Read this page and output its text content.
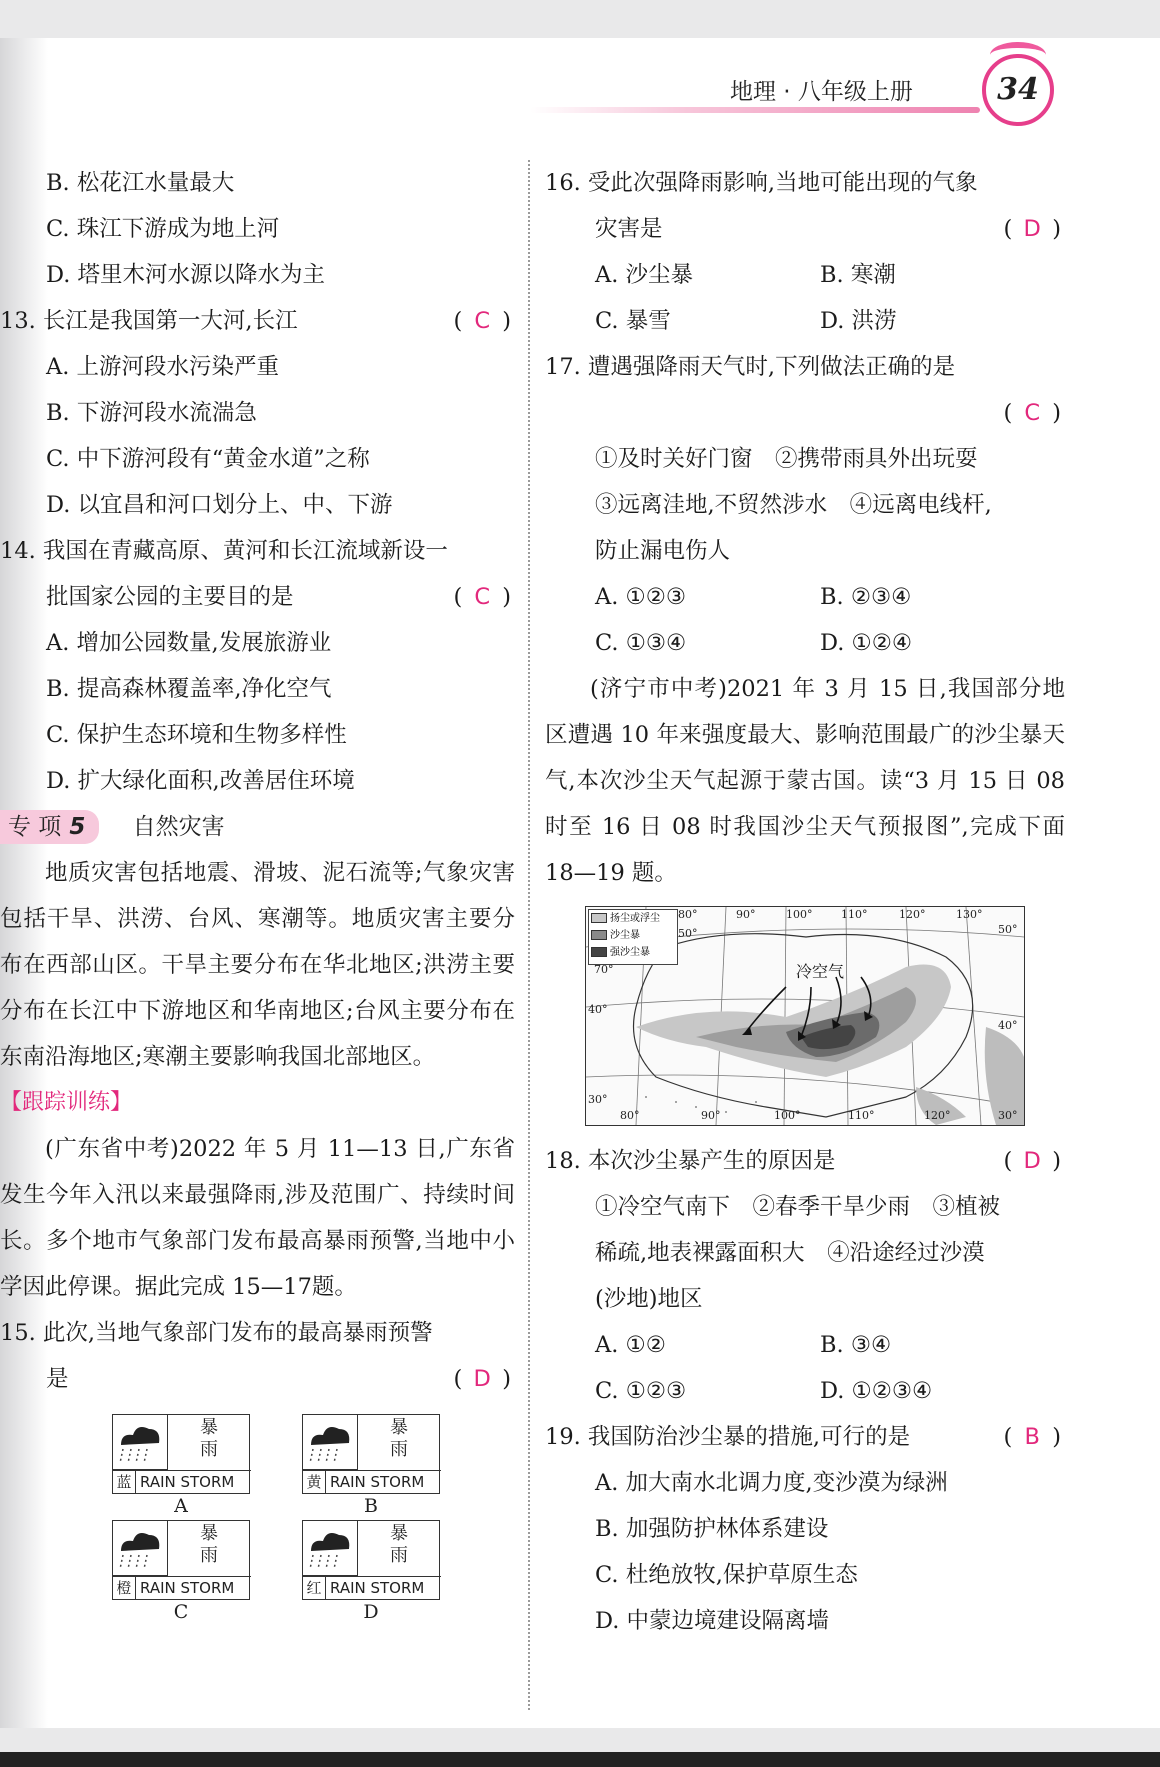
地理 · 八年级上册	34
B. 松花江水量最大
C. 珠江下游成为地上河
D. 塔里木河水源以降水为主
13. 长江是我国第一大河,长江	( C )
A. 上游河段水污染严重
B. 下游河段水流湍急
C. 中下游河段有“黄金水道”之称
D. 以宜昌和河口划分上、中、下游
14. 我国在青藏高原、黄河和长江流域新设一
批国家公园的主要目的是	( C )
A. 增加公园数量,发展旅游业
B. 提高森林覆盖率,净化空气
C. 保护生态环境和生物多样性
D. 扩大绿化面积,改善居住环境
专 项 5 自然灾害
地质灾害包括地震、滑坡、泥石流等;气象灾害包括干旱、洪涝、台风、寒潮等。地质灾害主要分布在西部山区。干旱主要分布在华北地区;洪涝主要分布在长江中下游地区和华南地区;台风主要分布在东南沿海地区;寒潮主要影响我国北部地区。
【跟踪训练】
(广东省中考)2022 年 5 月 11—13 日,广东省发生今年入汛以来最强降雨,涉及范围广、持续时间长。多个地市气象部门发布最高暴雨预警,当地中小学因此停课。据此完成 15—17题。
15. 此次,当地气象部门发布的最高暴雨预警
是	( D )
暴
雨
蓝 RAIN STORM
A
暴
雨
黄 RAIN STORM
B
暴
雨
橙 RAIN STORM
C
暴
雨
红 RAIN STORM
D
16. 受此次强降雨影响,当地可能出现的气象
灾害是	( D )
A. 沙尘暴	B. 寒潮
C. 暴雪	D. 洪涝
17. 遭遇强降雨天气时,下列做法正确的是
( C )
①及时关好门窗　②携带雨具外出玩耍
③远离洼地,不贸然涉水　④远离电线杆,
防止漏电伤人
A. ①②③	B. ②③④
C. ①③④	D. ①②④
(济宁市中考)2021 年 3 月 15 日,我国部分地区遭遇 10 年来强度最大、影响范围最广的沙尘暴天气,本次沙尘天气起源于蒙古国。读“3 月 15 日 08 时至 16 日 08 时我国沙尘天气预报图”,完成下面 18—19 题。
扬尘或浮尘
沙尘暴
强沙尘暴
冷空气
80°	90°	100°	110°	120°	130°
80°	90°	100°	110°	120°
50°
70°
40°
30°
50°
40°
30°
18. 本次沙尘暴产生的原因是	( D )
①冷空气南下　②春季干旱少雨　③植被
稀疏,地表裸露面积大　④沿途经过沙漠
(沙地)地区
A. ①②	B. ③④
C. ①②③	D. ①②③④
19. 我国防治沙尘暴的措施,可行的是	( B )
A. 加大南水北调力度,变沙漠为绿洲
B. 加强防护林体系建设
C. 杜绝放牧,保护草原生态
D. 中蒙边境建设隔离墙
